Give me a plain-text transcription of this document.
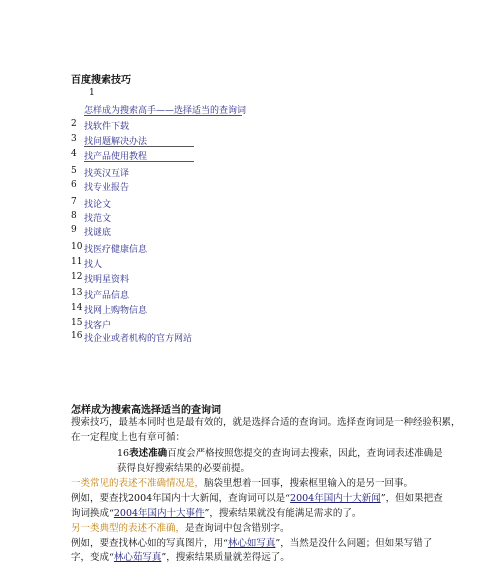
百度搜索技巧
1
怎样成为搜索高手——选择适当的查询词
2 找软件下载
3 找问题解决办法
4 找产品使用教程
5 找英汉互译
6 找专业报告
7 找论文
8 找范文
9 找谜底
10 找医疗健康信息
11 找人
12 找明星资料
13 找产品信息
14 找网上购物信息
15 找客户
16 找企业或者机构的官方网站
怎样成为搜索高选择适当的查询词
搜索技巧，最基本同时也是最有效的，就是选择合适的查询词。选择查询词是一种经验积累，
在一定程度上也有章可循：
16表述准确百度会严格按照您提交的查询词去搜索，因此，查询词表述准确是
获得良好搜索结果的必要前提。
一类常见的表述不准确情况是，脑袋里想着一回事，搜索框里输入的是另一回事。
例如，要查找2004年国内十大新闻，查询词可以是“2004年国内十大新闻”，但如果把查
询词换成“2004年国内十大事件”，搜索结果就没有能满足需求的了。
另一类典型的表述不准确，是查询词中包含错别字。
例如，要查找林心如的写真图片，用“林心如写真”，当然是没什么问题；但如果写错了
字，变成“林心茹写真”，搜索结果质量就差得远了。
